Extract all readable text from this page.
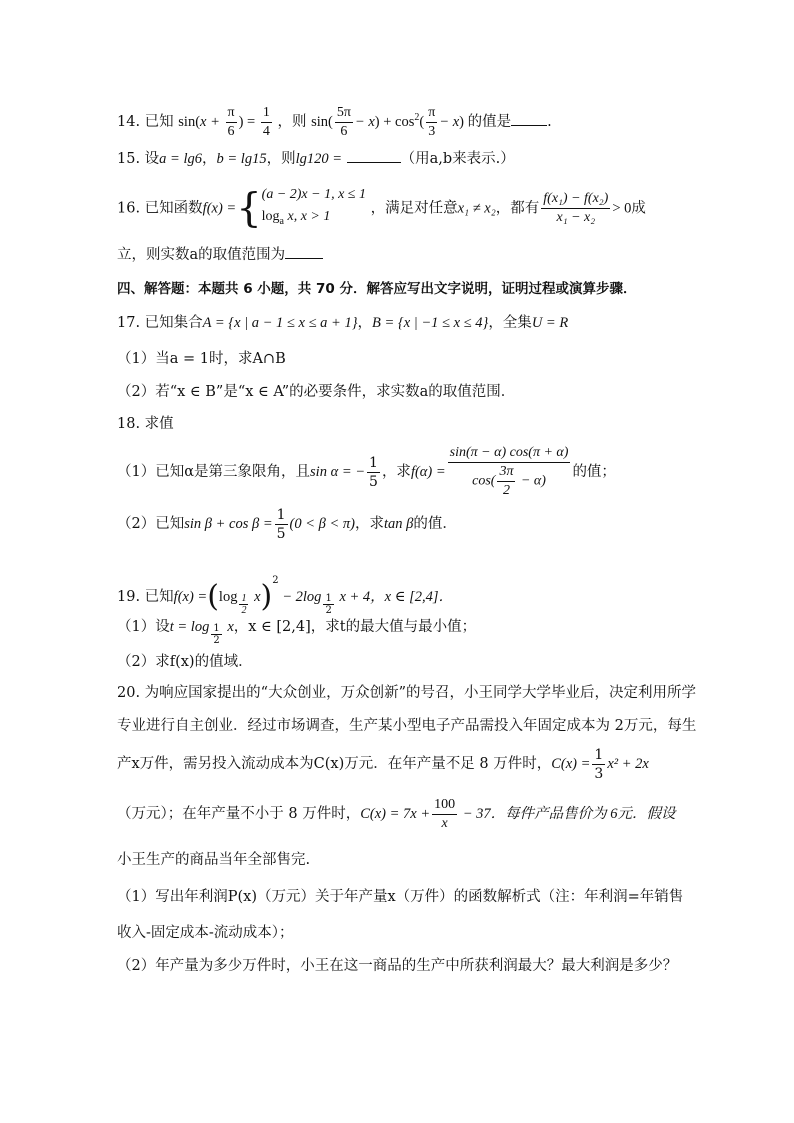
14. 已知 $\sin(x + \frac{\pi}{6}$ ) = $\frac{1}{4}$ ，则 $\sin( \frac{5\pi}{6} - x) + \cos^2( \frac{\pi}{3} - x)$ 的值是 .
15. 设a = lg6，b = lg15，则lg120 =	（用a,b来表示.）
16. 已知函数f(x) ={ (a − 2)x − 1, x ≤ 1
$\log_a x$, x > 1
，满足对任意x₁ ≠ x₂，都有 $\frac{\text{f(x₁) − f(x₂)}}{\text{x₁ − x₂}} > 0$成
立，则实数a的取值范围为
四、解答题：本题共 6 小题，共 70 分．解答应写出文字说明，证明过程或演算步骤．
17. 已知集合A = {x | a − 1 ≤ x ≤ a + 1}，B = {x | −1 ≤ x ≤ 4}，全集U = R
（1）当a = 1时，求A∩B
（2）若“x ∈ B”是“x ∈ A”的必要条件，求实数a的取值范围．
18. 求值
（1）已知α是第三象限角，且sin α = − $\frac{1}{5}$ ，求$f(\alpha) = \frac{\sin(\pi - \alpha) \cos(\pi + \alpha)}{\cos( \frac{3\pi}{2} - \alpha)}$ 的值；
（2）已知$\sin \beta + \cos \beta = \frac{1}{5} (0 < \beta < \pi)$，求tan β的值．
19. 已知$f(x) =(\log \frac{1}{2} x)^2 - 2\log \frac{1}{2}$ x + 4，x ∈ [2,4]．
（1）设$t = \log \frac{1}{2}$ x，x ∈ [2,4]，求t的最大值与最小值；
（2）求f(x)的值域．
20. 为响应国家提出的“大众创业，万众创新”的号召，小王同学大学毕业后，决定利用所学
专业进行自主创业．经过市场调查，生产某小型电子产品需投入年固定成本为 2万元，每生
产x万件，需另投入流动成本为C(x)万元．在年产量不足 8 万件时，$C(x) = \frac{1}{3} x^2 + 2x$
（万元）；在年产量不小于 8 万件时，$C(x) = 7x + \frac{100}{x} - 37$．每件产品售价为 6元．假设
小王生产的商品当年全部售完.
（1）写出年利润P(x)（万元）关于年产量x（万件）的函数解析式（注：年利润=年销售
收入-固定成本-流动成本）；
（2）年产量为多少万件时，小王在这一商品的生产中所获利润最大？最大利润是多少？
